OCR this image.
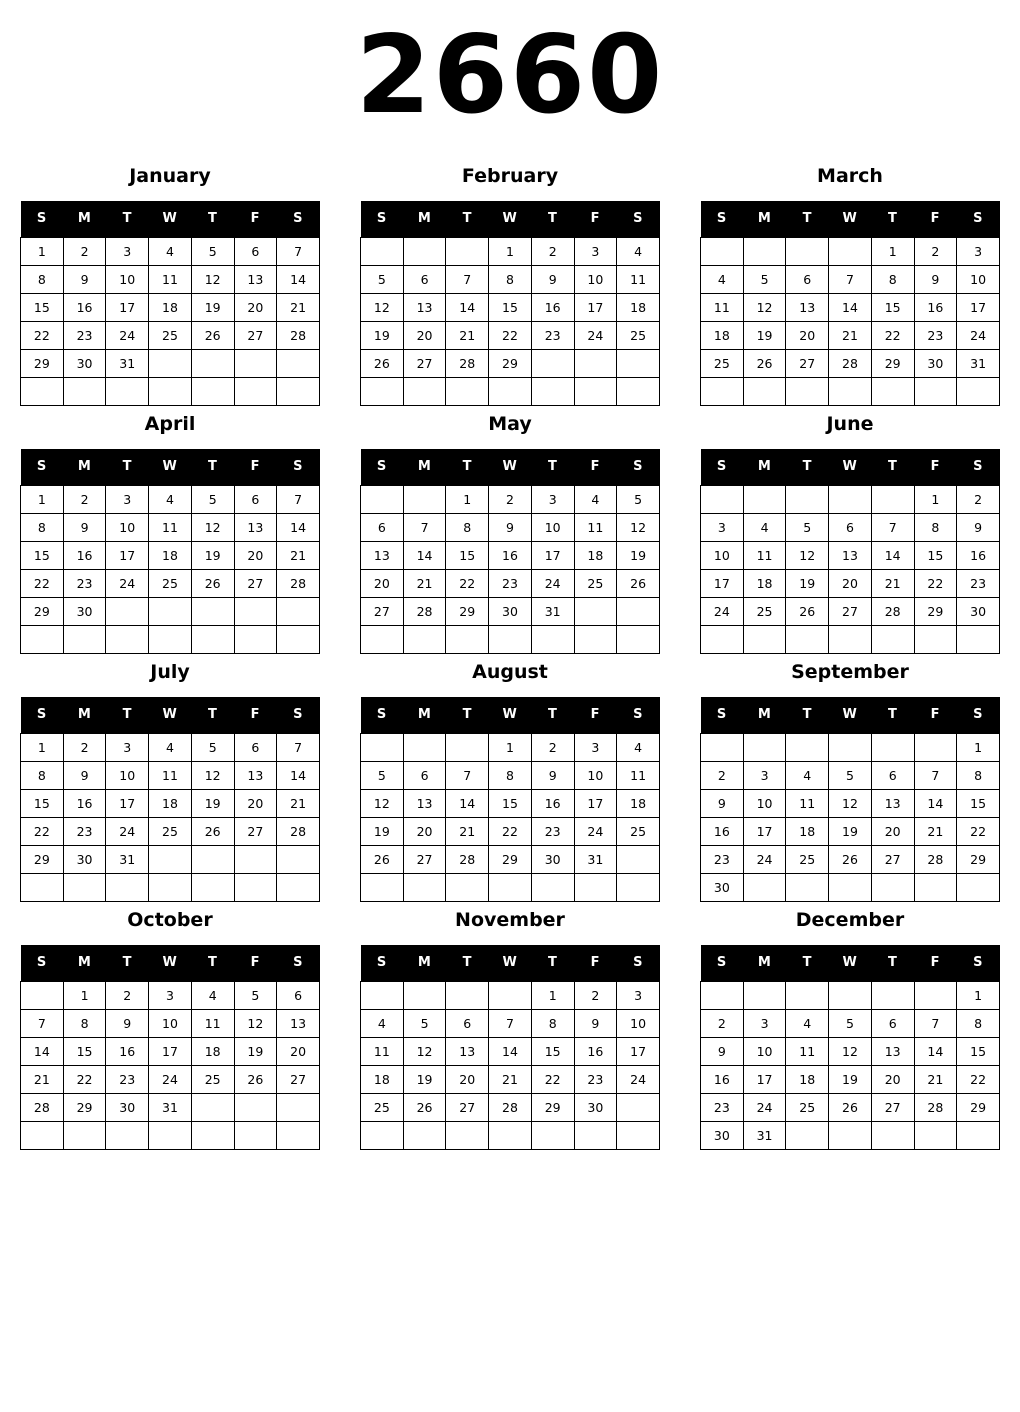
2660
January
S	M	T	W	T	F	S
1	2	3	4	5	6	7
8	9	10	11	12	13	14
15	16	17	18	19	20	21
22	23	24	25	26	27	28
29	30	31				

February
S	M	T	W	T	F	S
			1	2	3	4
5	6	7	8	9	10	11
12	13	14	15	16	17	18
19	20	21	22	23	24	25
26	27	28	29			

March
S	M	T	W	T	F	S
				1	2	3
4	5	6	7	8	9	10
11	12	13	14	15	16	17
18	19	20	21	22	23	24
25	26	27	28	29	30	31

April
S	M	T	W	T	F	S
1	2	3	4	5	6	7
8	9	10	11	12	13	14
15	16	17	18	19	20	21
22	23	24	25	26	27	28
29	30					

May
S	M	T	W	T	F	S
		1	2	3	4	5
6	7	8	9	10	11	12
13	14	15	16	17	18	19
20	21	22	23	24	25	26
27	28	29	30	31		

June
S	M	T	W	T	F	S
					1	2
3	4	5	6	7	8	9
10	11	12	13	14	15	16
17	18	19	20	21	22	23
24	25	26	27	28	29	30

July
S	M	T	W	T	F	S
1	2	3	4	5	6	7
8	9	10	11	12	13	14
15	16	17	18	19	20	21
22	23	24	25	26	27	28
29	30	31				

August
S	M	T	W	T	F	S
			1	2	3	4
5	6	7	8	9	10	11
12	13	14	15	16	17	18
19	20	21	22	23	24	25
26	27	28	29	30	31	

September
S	M	T	W	T	F	S
						1
2	3	4	5	6	7	8
9	10	11	12	13	14	15
16	17	18	19	20	21	22
23	24	25	26	27	28	29
30						
October
S	M	T	W	T	F	S
	1	2	3	4	5	6
7	8	9	10	11	12	13
14	15	16	17	18	19	20
21	22	23	24	25	26	27
28	29	30	31			

November
S	M	T	W	T	F	S
				1	2	3
4	5	6	7	8	9	10
11	12	13	14	15	16	17
18	19	20	21	22	23	24
25	26	27	28	29	30	

December
S	M	T	W	T	F	S
						1
2	3	4	5	6	7	8
9	10	11	12	13	14	15
16	17	18	19	20	21	22
23	24	25	26	27	28	29
30	31					
